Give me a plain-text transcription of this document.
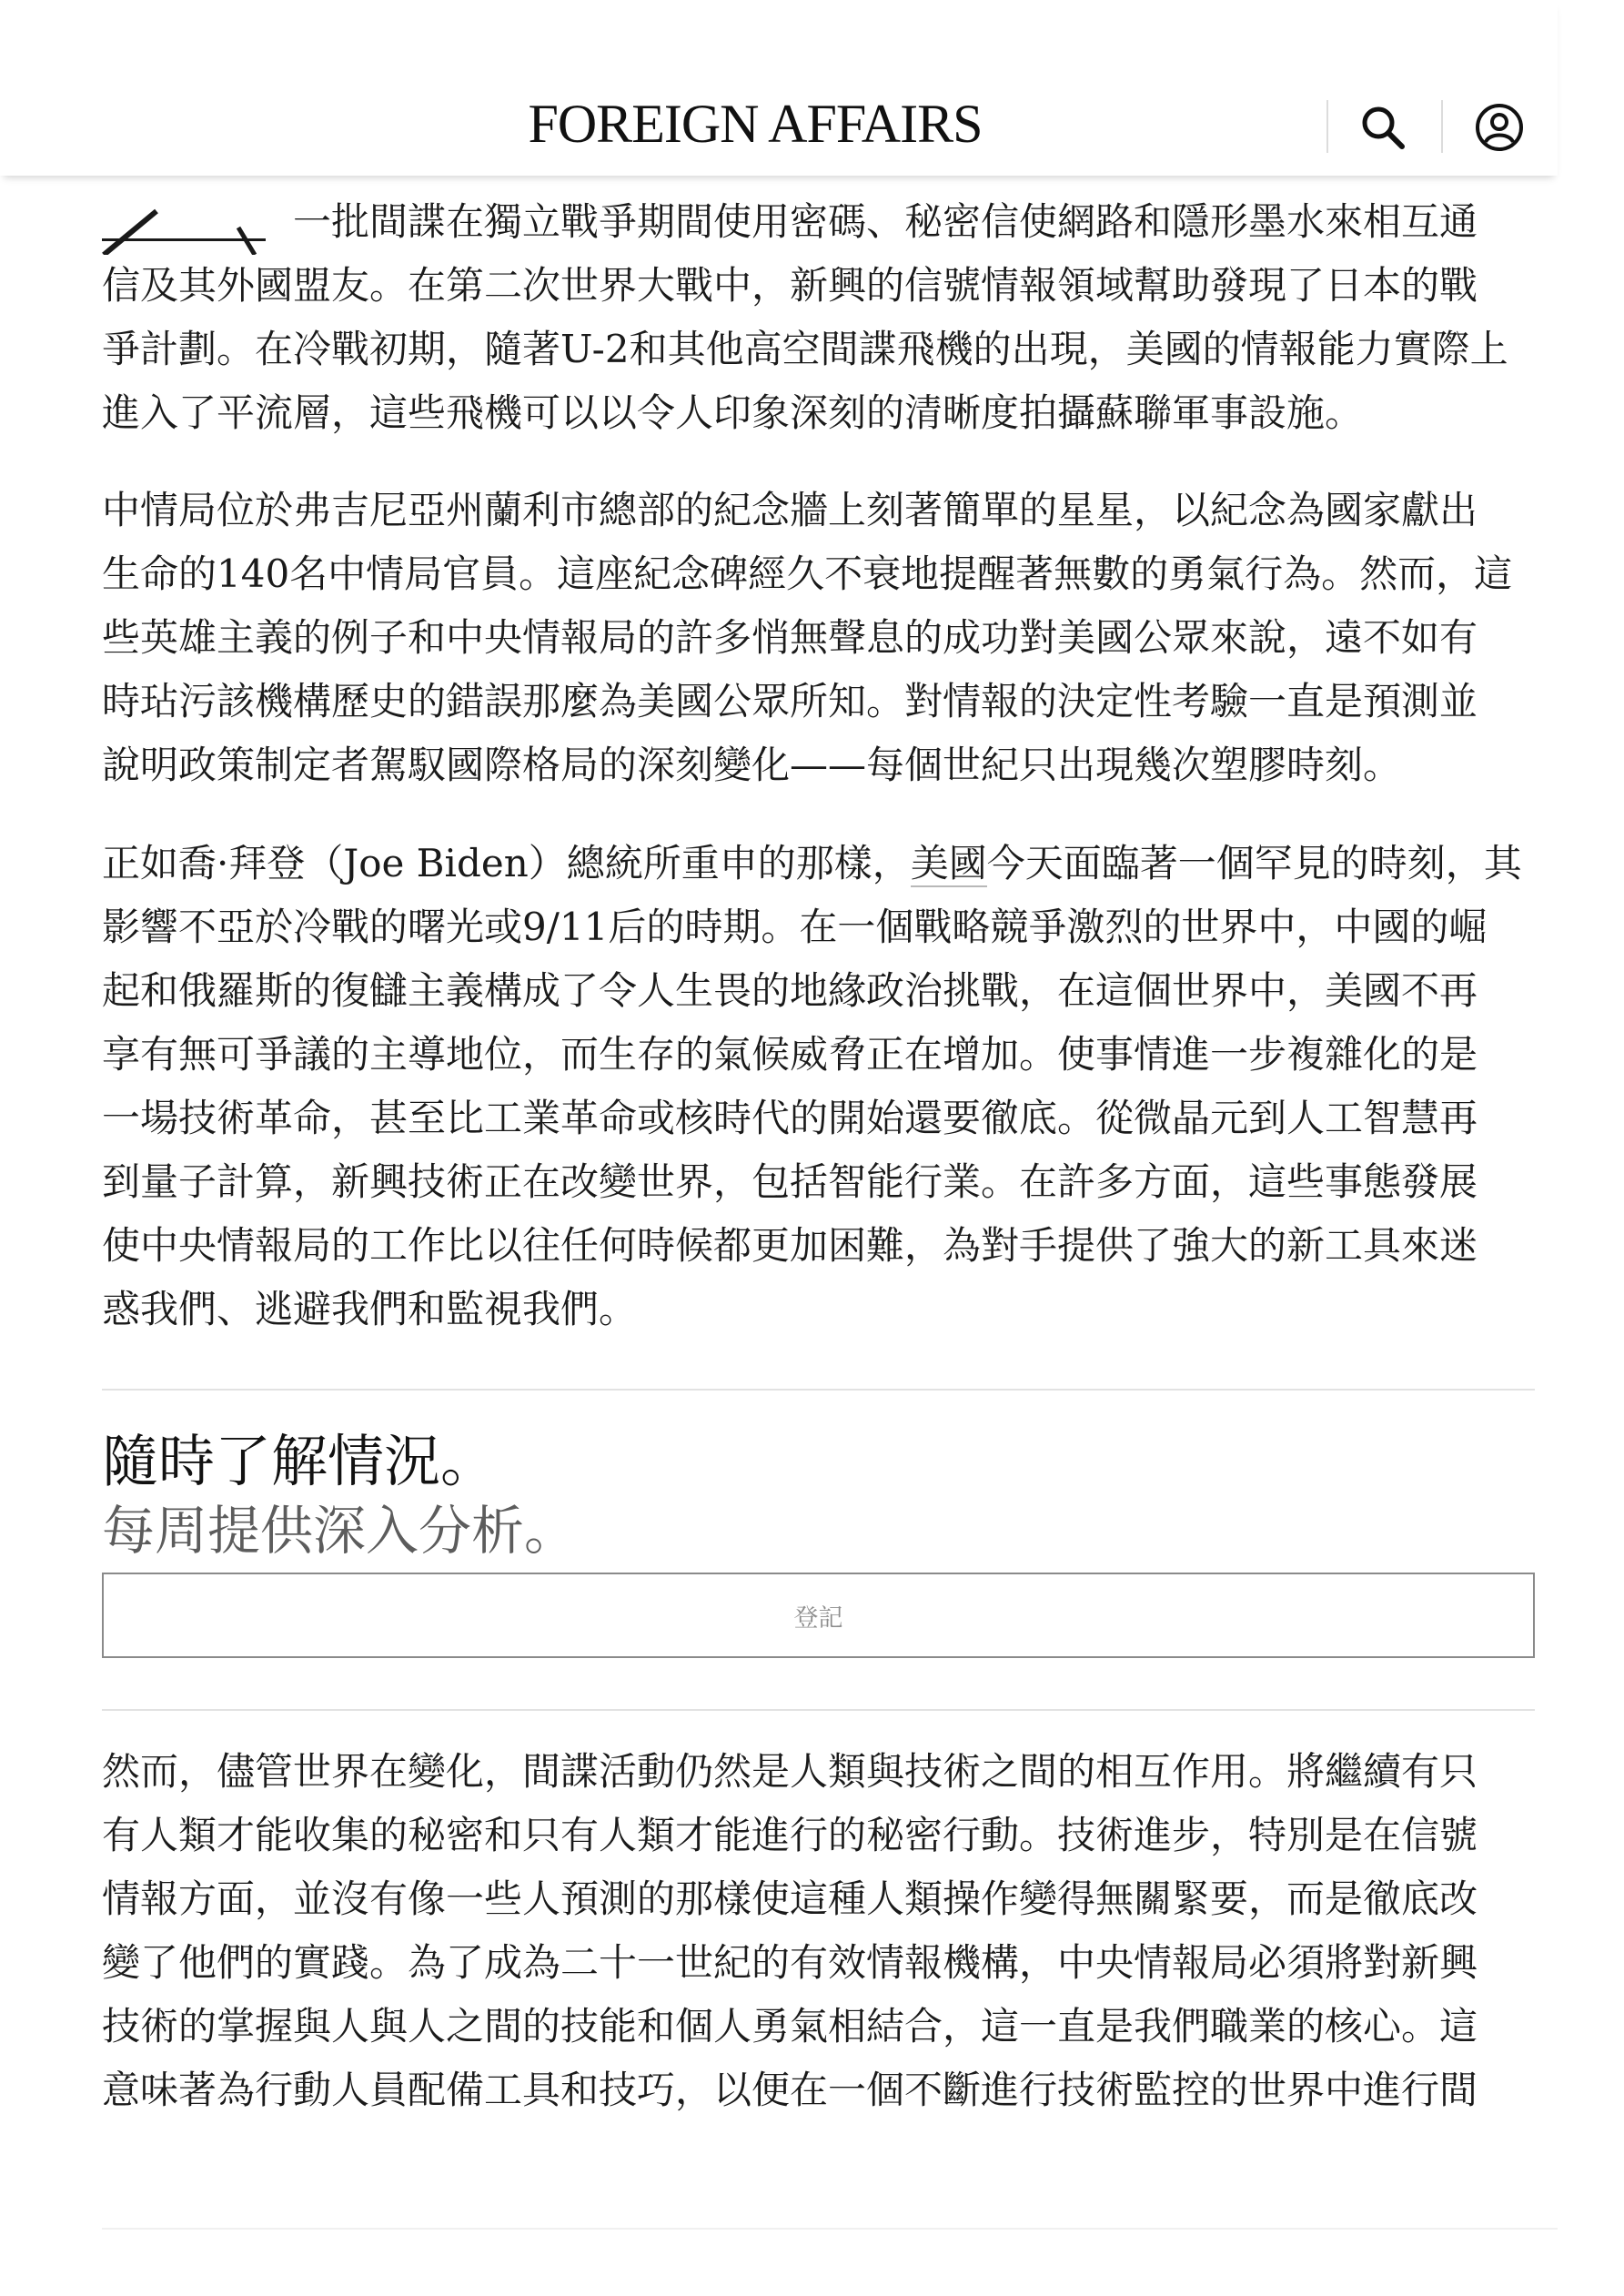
FOREIGN AFFAIRS
一批間諜在獨立戰爭期間使用密碼、秘密信使網路和隱形墨水來相互通
信及其外國盟友。在第二次世界大戰中，新興的信號情報領域幫助發現了日本的戰
爭計劃。在冷戰初期，隨著U-2和其他高空間諜飛機的出現，美國的情報能力實際上
進入了平流層，這些飛機可以以令人印象深刻的清晰度拍攝蘇聯軍事設施。
中情局位於弗吉尼亞州蘭利市總部的紀念牆上刻著簡單的星星，以紀念為國家獻出
生命的140名中情局官員。這座紀念碑經久不衰地提醒著無數的勇氣行為。然而，這
些英雄主義的例子和中央情報局的許多悄無聲息的成功對美國公眾來說，遠不如有
時玷污該機構歷史的錯誤那麼為美國公眾所知。對情報的決定性考驗一直是預測並
說明政策制定者駕馭國際格局的深刻變化——每個世紀只出現幾次塑膠時刻。
正如喬·拜登（Joe Biden）總統所重申的那樣，美國今天面臨著一個罕見的時刻，其
影響不亞於冷戰的曙光或9/11后的時期。在一個戰略競爭激烈的世界中，中國的崛
起和俄羅斯的復讎主義構成了令人生畏的地緣政治挑戰，在這個世界中，美國不再
享有無可爭議的主導地位，而生存的氣候威脅正在增加。使事情進一步複雜化的是
一場技術革命，甚至比工業革命或核時代的開始還要徹底。從微晶元到人工智慧再
到量子計算，新興技術正在改變世界，包括智能行業。在許多方面，這些事態發展
使中央情報局的工作比以往任何時候都更加困難，為對手提供了強大的新工具來迷
惑我們、逃避我們和監視我們。
隨時了解情況。
每周提供深入分析。
登記
然而，儘管世界在變化，間諜活動仍然是人類與技術之間的相互作用。將繼續有只
有人類才能收集的秘密和只有人類才能進行的秘密行動。技術進步，特別是在信號
情報方面，並沒有像一些人預測的那樣使這種人類操作變得無關緊要，而是徹底改
變了他們的實踐。為了成為二十一世紀的有效情報機構，中央情報局必須將對新興
技術的掌握與人與人之間的技能和個人勇氣相結合，這一直是我們職業的核心。這
意味著為行動人員配備工具和技巧，以便在一個不斷進行技術監控的世界中進行間
